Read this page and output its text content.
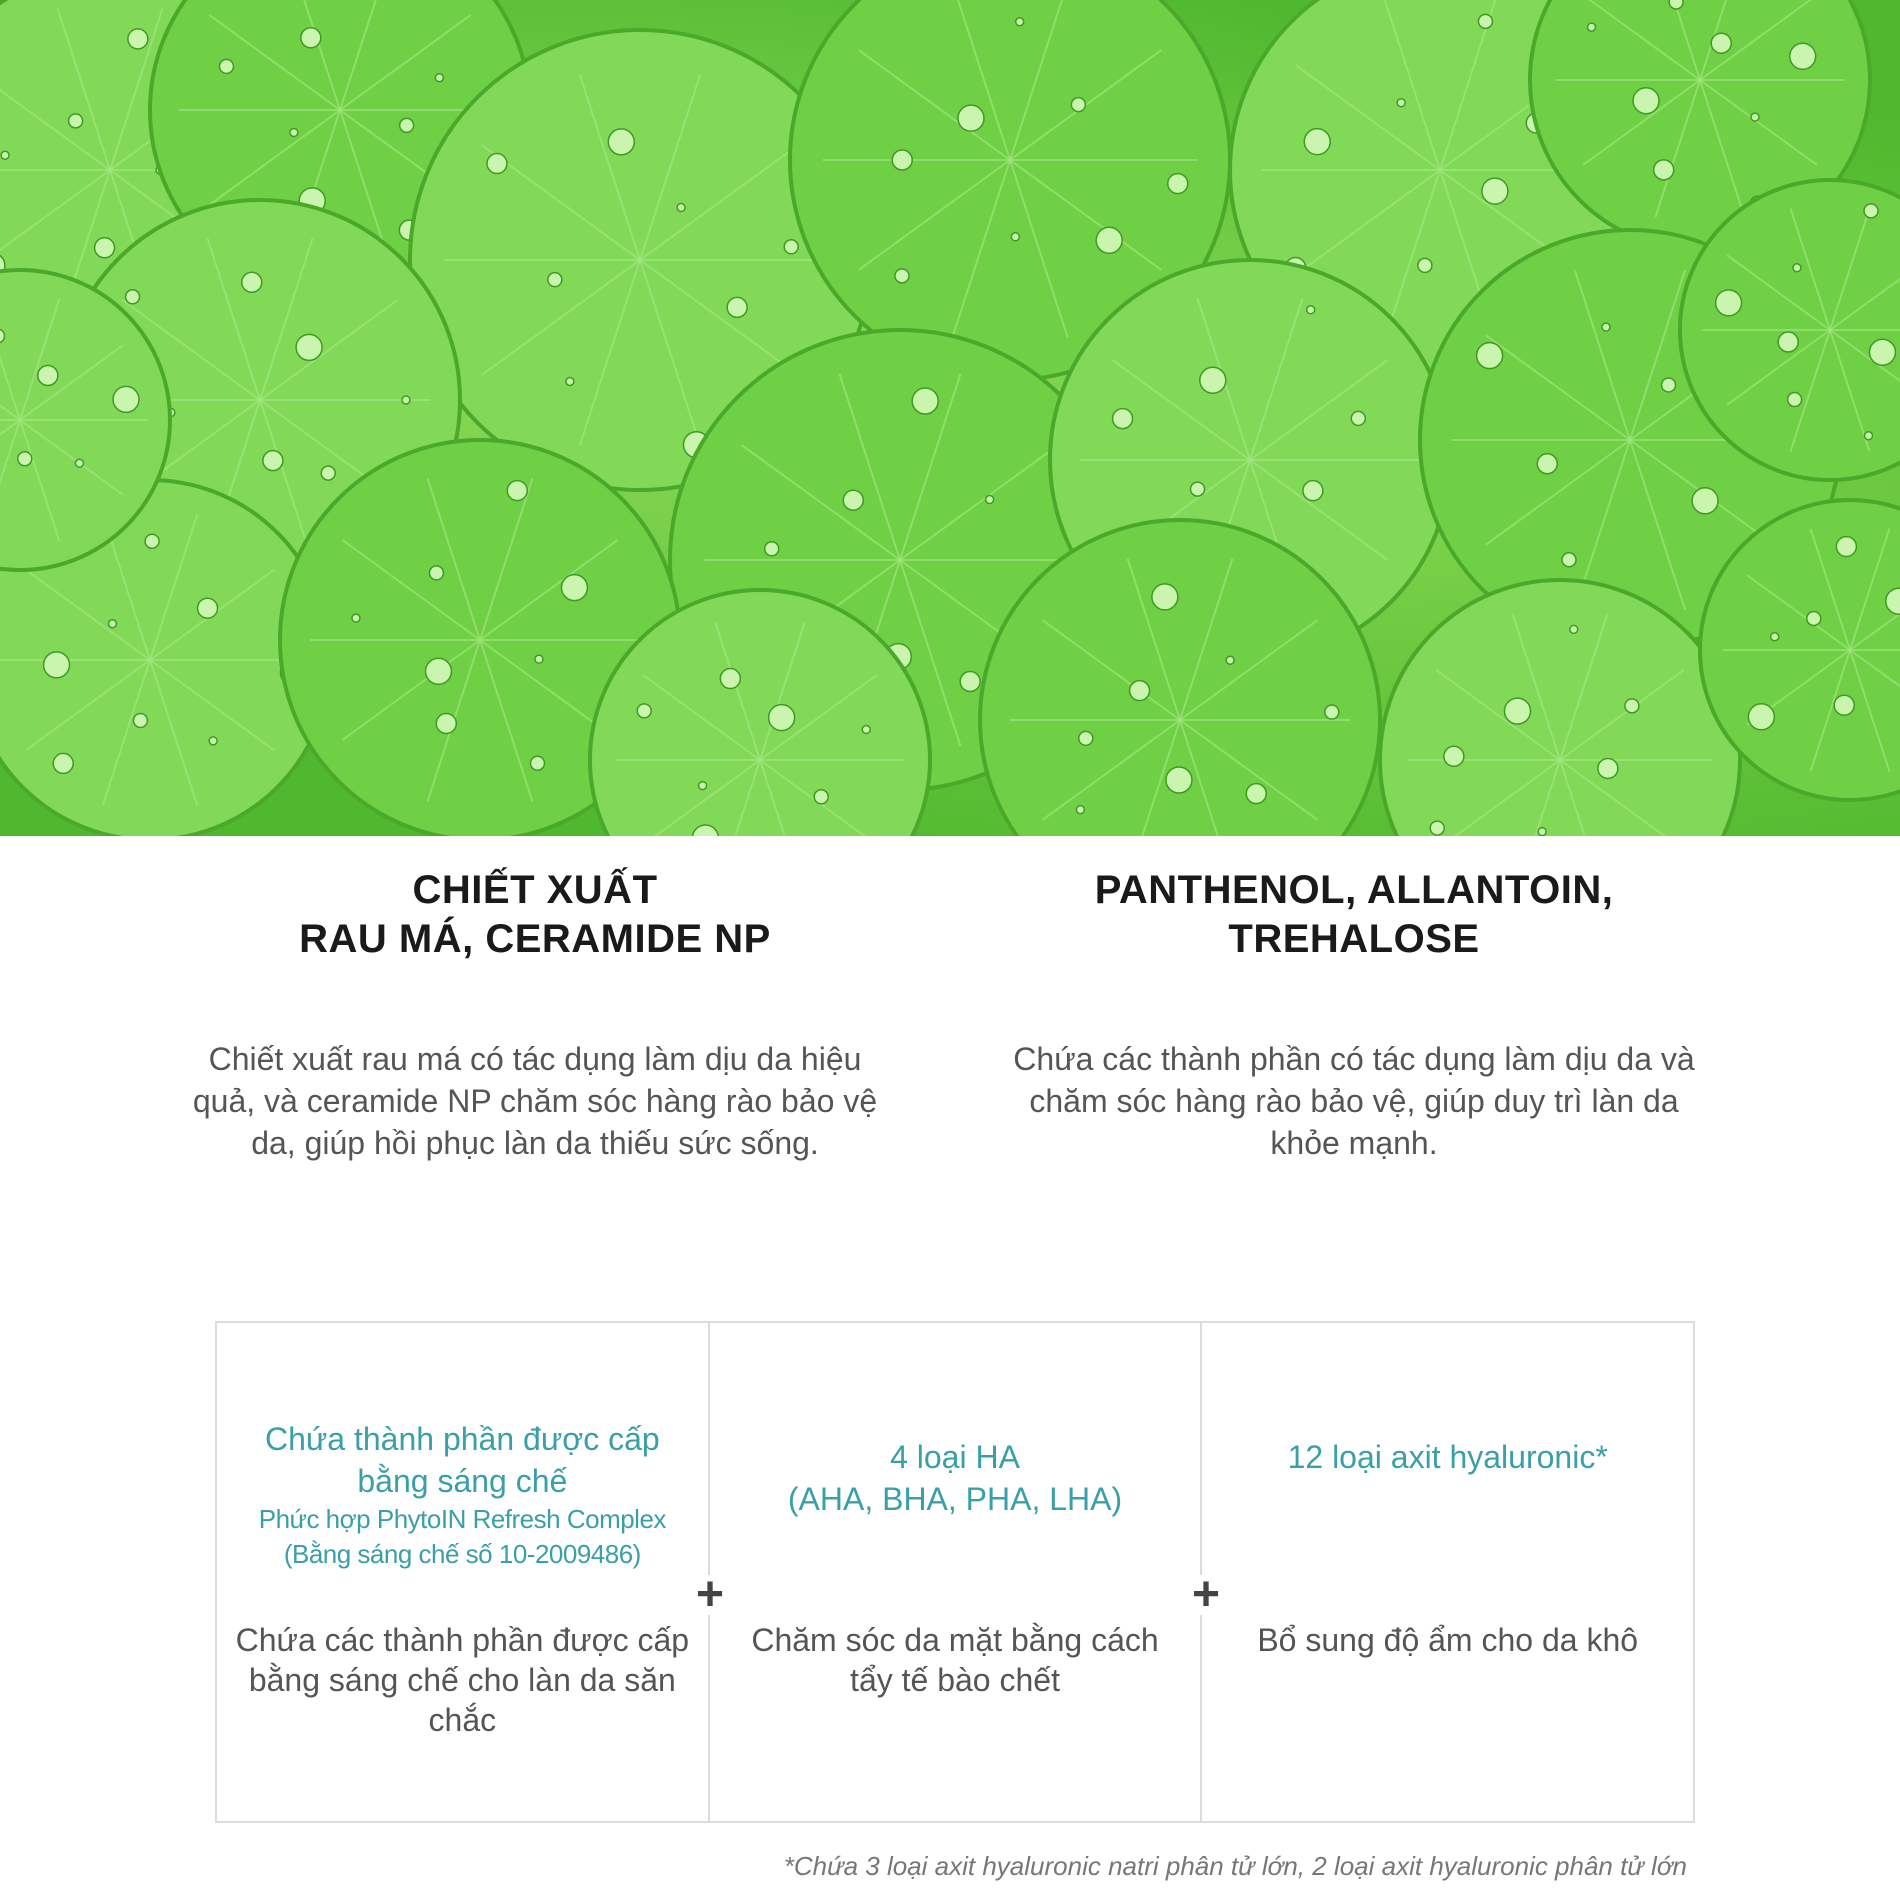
CHIẾT XUẤT
RAU MÁ, CERAMIDE NP
Chiết xuất rau má có tác dụng làm dịu da hiệu quả, và ceramide NP chăm sóc hàng rào bảo vệ da, giúp hồi phục làn da thiếu sức sống.
PANTHENOL, ALLANTOIN,
TREHALOSE
Chứa các thành phần có tác dụng làm dịu da và chăm sóc hàng rào bảo vệ, giúp duy trì làn da khỏe mạnh.
Chứa thành phần được cấp
bằng sáng chế
Phức hợp PhytoIN Refresh Complex
(Bằng sáng chế số 10-2009486)
Chứa các thành phần được cấp bằng sáng chế cho làn da săn chắc
4 loại HA
(AHA, BHA, PHA, LHA)
Chăm sóc da mặt bằng cách tẩy tế bào chết
12 loại axit hyaluronic*
Bổ sung độ ẩm cho da khô
+	+
*Chứa 3 loại axit hyaluronic natri phân tử lớn, 2 loại axit hyaluronic phân tử lớn
